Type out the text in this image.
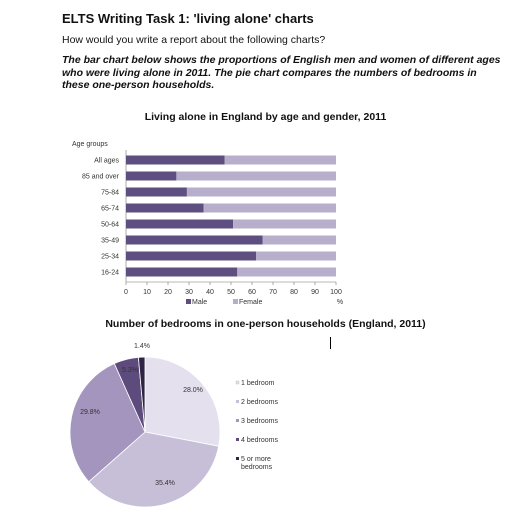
ELTS Writing Task 1: 'living alone' charts

How would you write a report about the following charts?

The bar chart below shows the proportions of English men and women of different ages who were living alone in 2011. The pie chart compares the numbers of bedrooms in these one-person households.

Living alone in England by age and gender, 2011
Number of bedrooms in one-person households (England, 2011)
Age groups
All ages
85 and over
75-84
65-74
50-64
35-49
25-34
16-24
0 10 20 30 40 50 60 70 80 90 100
%
Male	Female
28.0%
35.4%
29.8%
5.3%
1.4%
1 bedroom
2 bedrooms
3 bedrooms
4 bedrooms
5 or more
bedrooms
